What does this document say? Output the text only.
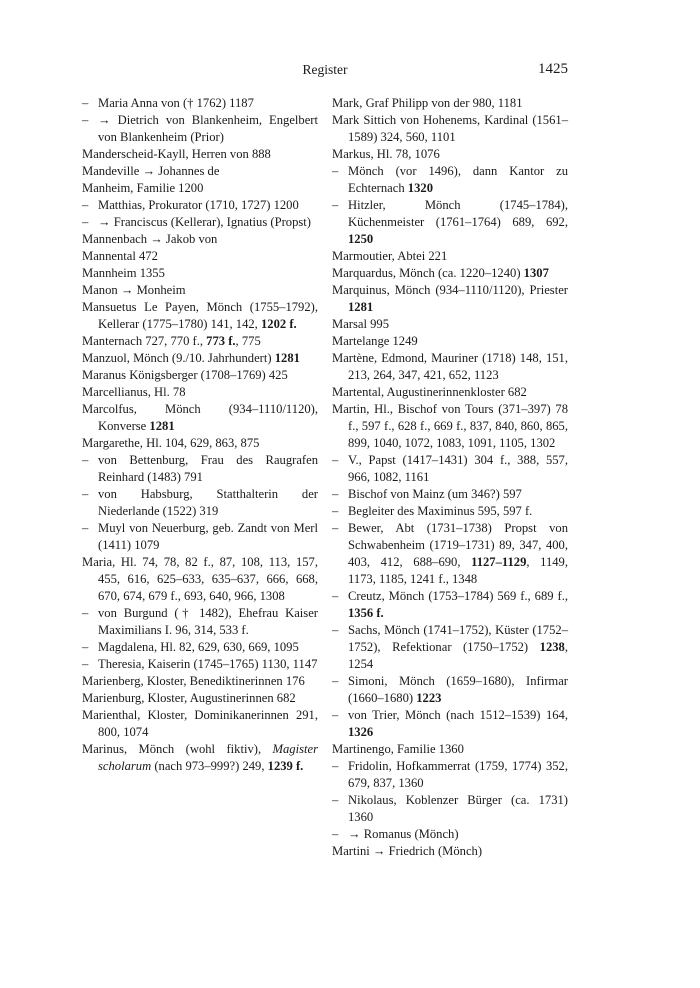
Register	1425

– Maria Anna von († 1762) 1187

– → Dietrich von Blankenheim, Engelbert von Blankenheim (Prior)

Manderscheid-Kayll, Herren von 888

Mandeville → Johannes de

Manheim, Familie 1200

– Matthias, Prokurator (1710, 1727) 1200

– → Franciscus (Kellerar), Ignatius (Propst)

Mannenbach → Jakob von

Mannental 472

Mannheim 1355

Manon → Monheim

Mansuetus Le Payen, Mönch (1755–1792), Kellerar (1775–1780) 141, 142, 1202 f.

Manternach 727, 770 f., 773 f., 775

Manzuol, Mönch (9./10. Jahrhundert) 1281

Maranus Königsberger (1708–1769) 425

Marcellianus, Hl. 78

Marcolfus, Mönch (934–1110/1120), Konverse 1281

Margarethe, Hl. 104, 629, 863, 875

– von Bettenburg, Frau des Raugrafen Reinhard (1483) 791

– von Habsburg, Statthalterin der Niederlande (1522) 319

– Muyl von Neuerburg, geb. Zandt von Merl (1411) 1079

Maria, Hl. 74, 78, 82 f., 87, 108, 113, 157, 455, 616, 625–633, 635–637, 666, 668, 670, 674, 679 f., 693, 640, 966, 1308

– von Burgund († 1482), Ehefrau Kaiser Maximilians I. 96, 314, 533 f.

– Magdalena, Hl. 82, 629, 630, 669, 1095

– Theresia, Kaiserin (1745–1765) 1130, 1147

Marienberg, Kloster, Benediktinerinnen 176

Marienburg, Kloster, Augustinerinnen 682

Marienthal, Kloster, Dominikanerinnen 291, 800, 1074

Marinus, Mönch (wohl fiktiv), Magister scholarum (nach 973–999?) 249, 1239 f.

Mark, Graf Philipp von der 980, 1181

Mark Sittich von Hohenems, Kardinal (1561–1589) 324, 560, 1101

Markus, Hl. 78, 1076

– Mönch (vor 1496), dann Kantor zu Echternach 1320

– Hitzler, Mönch (1745–1784), Küchenmeister (1761–1764) 689, 692, 1250

Marmoutier, Abtei 221

Marquardus, Mönch (ca. 1220–1240) 1307

Marquinus, Mönch (934–1110/1120), Priester 1281

Marsal 995

Martelange 1249

Martène, Edmond, Mauriner (1718) 148, 151, 213, 264, 347, 421, 652, 1123

Martental, Augustinerinnenkloster 682

Martin, Hl., Bischof von Tours (371–397) 78 f., 597 f., 628 f., 669 f., 837, 840, 860, 865, 899, 1040, 1072, 1083, 1091, 1105, 1302

– V., Papst (1417–1431) 304 f., 388, 557, 966, 1082, 1161

– Bischof von Mainz (um 346?) 597

– Begleiter des Maximinus 595, 597 f.

– Bewer, Abt (1731–1738) Propst von Schwabenheim (1719–1731) 89, 347, 400, 403, 412, 688–690, 1127–1129, 1149, 1173, 1185, 1241 f., 1348

– Creutz, Mönch (1753–1784) 569 f., 689 f., 1356 f.

– Sachs, Mönch (1741–1752), Küster (1752–1752), Refektionar (1750–1752) 1238, 1254

– Simoni, Mönch (1659–1680), Infirmar (1660–1680) 1223

– von Trier, Mönch (nach 1512–1539) 164, 1326

Martinengo, Familie 1360

– Fridolin, Hofkammerrat (1759, 1774) 352, 679, 837, 1360

– Nikolaus, Koblenzer Bürger (ca. 1731) 1360

– → Romanus (Mönch)

Martini → Friedrich (Mönch)
